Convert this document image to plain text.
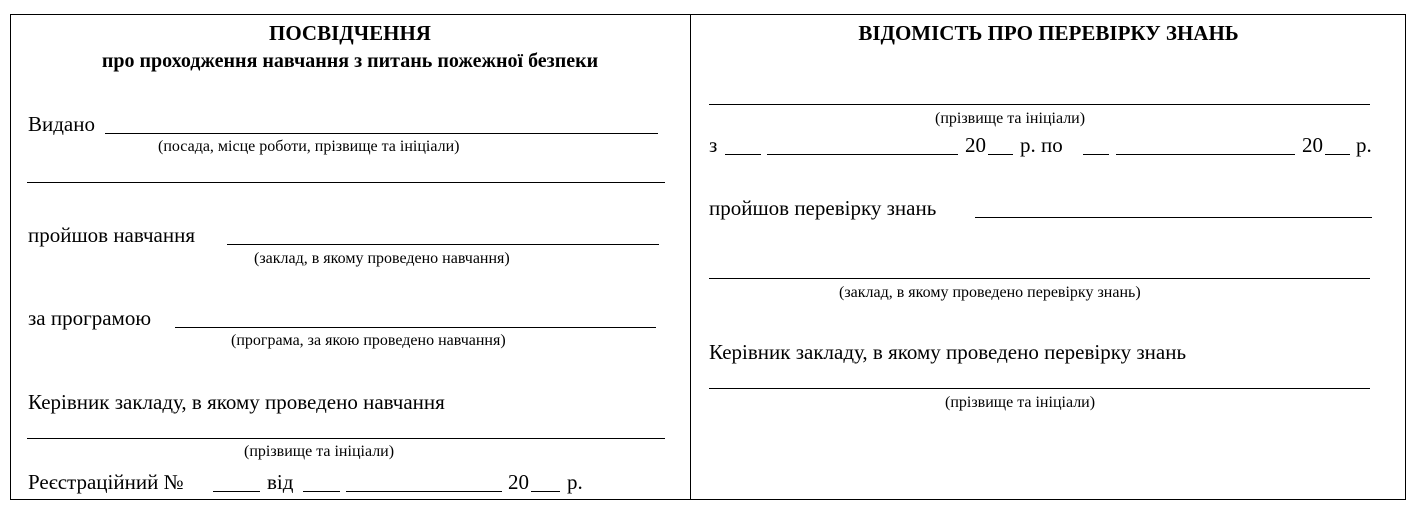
ПОСВІДЧЕННЯ
про проходження навчання з питань пожежної безпеки
Видано
(посада, місце роботи, прізвище та ініціали)
пройшов навчання
(заклад, в якому проведено навчання)
за програмою
(програма, за якою проведено навчання)
Керівник закладу, в якому проведено навчання
(прізвище та ініціали)
Реєстраційний №	від	20 р.
ВІДОМІСТЬ ПРО ПЕРЕВІРКУ ЗНАНЬ
(прізвище та ініціали)
з	20 р. по	20 р.
пройшов перевірку знань
(заклад, в якому проведено перевірку знань)
Керівник закладу, в якому проведено перевірку знань
(прізвище та ініціали)
